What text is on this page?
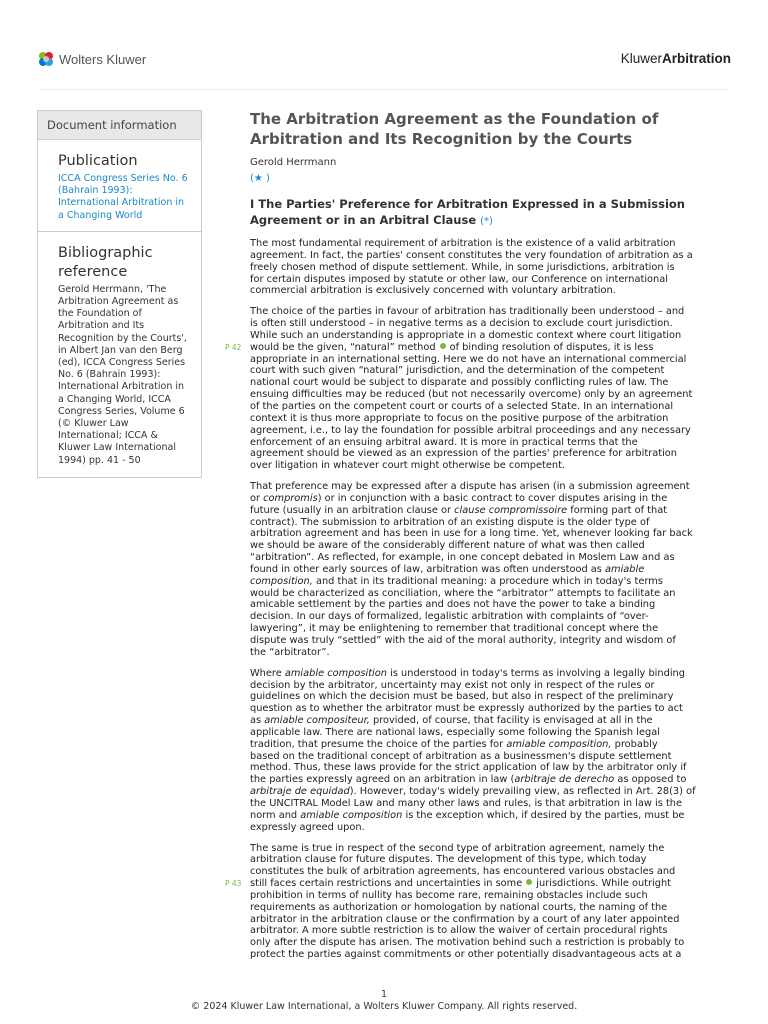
Wolters Kluwer	KluwerArbitration
Document information
Publication
ICCA Congress Series No. 6
(Bahrain 1993):
International Arbitration in
a Changing World
Bibliographic
reference
Gerold Herrmann, 'The
Arbitration Agreement as
the Foundation of
Arbitration and Its
Recognition by the Courts',
in Albert Jan van den Berg
(ed), ICCA Congress Series
No. 6 (Bahrain 1993):
International Arbitration in
a Changing World, ICCA
Congress Series, Volume 6
(© Kluwer Law
International; ICCA &
Kluwer Law International
1994) pp. 41 - 50
The Arbitration Agreement as the Foundation of
Arbitration and Its Recognition by the Courts
Gerold Herrmann
(★ )
I The Parties' Preference for Arbitration Expressed in a Submission
Agreement or in an Arbitral Clause (*)

The most fundamental requirement of arbitration is the existence of a valid arbitration
agreement. In fact, the parties' consent constitutes the very foundation of arbitration as a
freely chosen method of dispute settlement. While, in some jurisdictions, arbitration is
for certain disputes imposed by statute or other law, our Conference on international
commercial arbitration is exclusively concerned with voluntary arbitration.

The choice of the parties in favour of arbitration has traditionally been understood – and
is often still understood – in negative terms as a decision to exclude court jurisdiction.
While such an understanding is appropriate in a domestic context where court litigation
P 42 would be the given, “natural” method of binding resolution of disputes, it is less
appropriate in an international setting. Here we do not have an international commercial
court with such given “natural” jurisdiction, and the determination of the competent
national court would be subject to disparate and possibly conflicting rules of law. The
ensuing difficulties may be reduced (but not necessarily overcome) only by an agreement
of the parties on the competent court or courts of a selected State. In an international
context it is thus more appropriate to focus on the positive purpose of the arbitration
agreement, i.e., to lay the foundation for possible arbitral proceedings and any necessary
enforcement of an ensuing arbitral award. It is more in practical terms that the
agreement should be viewed as an expression of the parties' preference for arbitration
over litigation in whatever court might otherwise be competent.

That preference may be expressed after a dispute has arisen (in a submission agreement
or compromis) or in conjunction with a basic contract to cover disputes arising in the
future (usually in an arbitration clause or clause compromissoire forming part of that
contract). The submission to arbitration of an existing dispute is the older type of
arbitration agreement and has been in use for a long time. Yet, whenever looking far back
we should be aware of the considerably different nature of what was then called
“arbitration”. As reflected, for example, in one concept debated in Moslem Law and as
found in other early sources of law, arbitration was often understood as amiable
composition, and that in its traditional meaning: a procedure which in today's terms
would be characterized as conciliation, where the “arbitrator” attempts to facilitate an
amicable settlement by the parties and does not have the power to take a binding
decision. In our days of formalized, legalistic arbitration with complaints of “over-
lawyering”, it may be enlightening to remember that traditional concept where the
dispute was truly “settled” with the aid of the moral authority, integrity and wisdom of
the “arbitrator”.

Where amiable composition is understood in today's terms as involving a legally binding
decision by the arbitrator, uncertainty may exist not only in respect of the rules or
guidelines on which the decision must be based, but also in respect of the preliminary
question as to whether the arbitrator must be expressly authorized by the parties to act
as amiable compositeur, provided, of course, that facility is envisaged at all in the
applicable law. There are national laws, especially some following the Spanish legal
tradition, that presume the choice of the parties for amiable composition, probably
based on the traditional concept of arbitration as a businessmen's dispute settlement
method. Thus, these laws provide for the strict application of law by the arbitrator only if
the parties expressly agreed on an arbitration in law (arbitraje de derecho as opposed to
arbitraje de equidad). However, today's widely prevailing view, as reflected in Art. 28(3) of
the UNCITRAL Model Law and many other laws and rules, is that arbitration in law is the
norm and amiable composition is the exception which, if desired by the parties, must be
expressly agreed upon.

The same is true in respect of the second type of arbitration agreement, namely the
arbitration clause for future disputes. The development of this type, which today
constitutes the bulk of arbitration agreements, has encountered various obstacles and
P 43 still faces certain restrictions and uncertainties in some jurisdictions. While outright
prohibition in terms of nullity has become rare, remaining obstacles include such
requirements as authorization or homologation by national courts, the naming of the
arbitrator in the arbitration clause or the confirmation by a court of any later appointed
arbitrator. A more subtle restriction is to allow the waiver of certain procedural rights
only after the dispute has arisen. The motivation behind such a restriction is probably to
protect the parties against commitments or other potentially disadvantageous acts at a

1
© 2024 Kluwer Law International, a Wolters Kluwer Company. All rights reserved.
